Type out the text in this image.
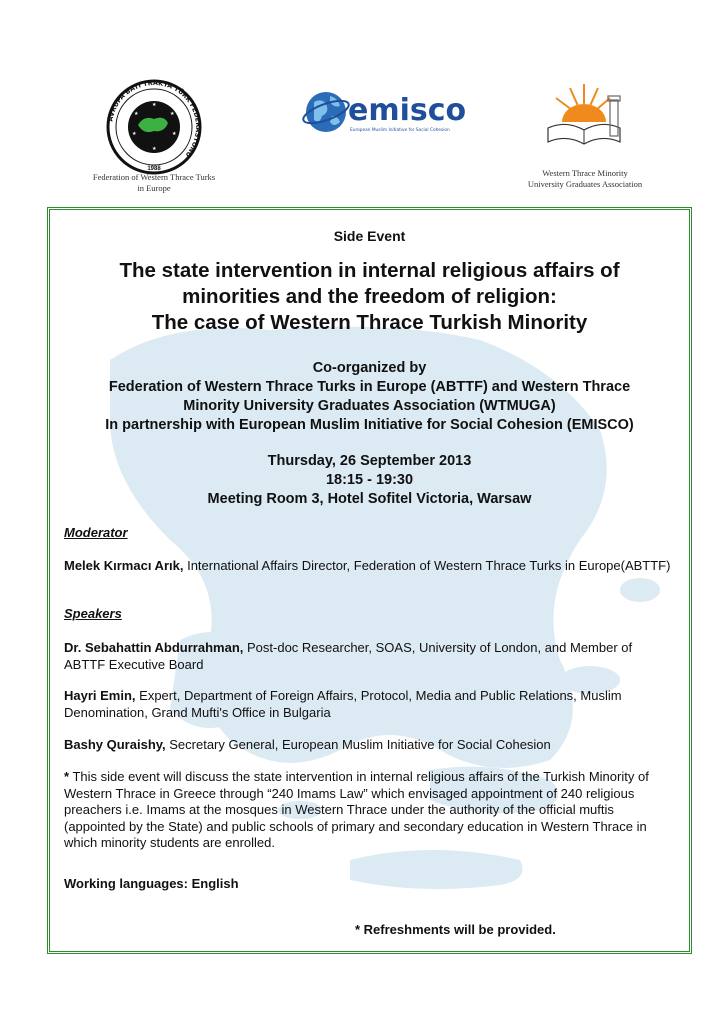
★
★	★
★	★
★
AVRUPA BATI TRAKYA TÜRK FEDERASYONU
1988
Federation of Western Thrace Turks
in Europe
emisco
European Muslim Initiative for Social Cohesion
Western Thrace Minority
University Graduates Association
Side Event
The state intervention in internal religious affairs of
minorities and the freedom of religion:
The case of Western Thrace Turkish Minority
Co-organized by
Federation of Western Thrace Turks in Europe (ABTTF) and Western Thrace
Minority University Graduates Association (WTMUGA)
In partnership with European Muslim Initiative for Social Cohesion (EMISCO)
Thursday, 26 September 2013
18:15 - 19:30
Meeting Room 3, Hotel Sofitel Victoria, Warsaw
Moderator
Melek Kırmacı Arık, International Affairs Director, Federation of Western Thrace Turks in Europe(ABTTF)
Speakers
Dr. Sebahattin Abdurrahman, Post-doc Researcher, SOAS, University of London, and Member of ABTTF Executive Board
Hayri Emin, Expert, Department of Foreign Affairs, Protocol, Media and Public Relations, Muslim Denomination, Grand Mufti's Office in Bulgaria
Bashy Quraishy, Secretary General, European Muslim Initiative for Social Cohesion
* This side event will discuss the state intervention in internal religious affairs of the Turkish Minority of Western Thrace in Greece through “240 Imams Law” which envisaged appointment of 240 religious preachers i.e. Imams at the mosques in Western Thrace under the authority of the official muftis (appointed by the State) and public schools of primary and secondary education in Western Thrace in which minority students are enrolled.
Working languages: English
* Refreshments will be provided.
